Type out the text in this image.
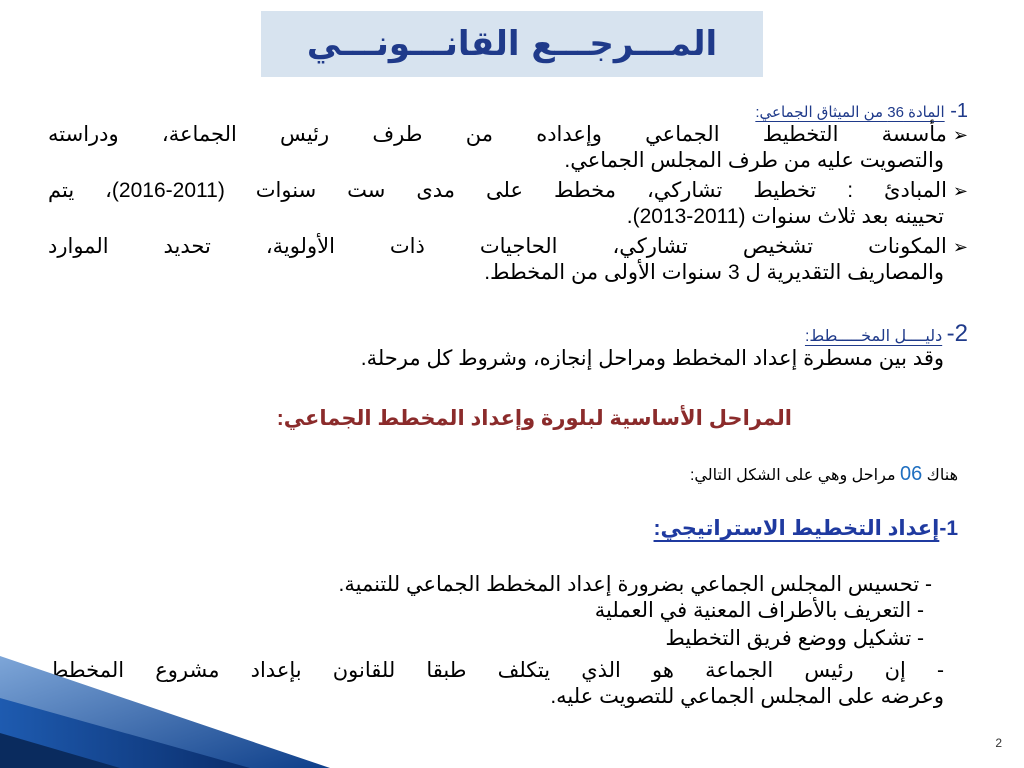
المـــرجـــع القانـــونـــي
1- المادة 36 من الميثاق الجماعي:
➢مأسسة التخطيط الجماعي وإعداده من طرف رئيس الجماعة، ودراسته
والتصويت عليه من طرف المجلس الجماعي.
➢المبادئ : تخطيط تشاركي، مخطط على مدى ست سنوات (2011-2016)، يتم
تحيينه بعد ثلاث سنوات (2011-2013).
➢المكونات تشخيص تشاركي، الحاجيات ذات الأولوية، تحديد الموارد
والمصاريف التقديرية ل 3 سنوات الأولى من المخطط.
2- دليــــل المخـــــطط:
وقد بين مسطرة إعداد المخطط ومراحل إنجازه، وشروط كل مرحلة.
المراحل الأساسية لبلورة وإعداد المخطط الجماعي:
هناك 06 مراحل وهي على الشكل التالي:
1-إعداد التخطيط الاستراتيجي:
- تحسيس المجلس الجماعي بضرورة إعداد المخطط الجماعي للتنمية.
- التعريف بالأطراف المعنية في العملية
- تشكيل ووضع فريق التخطيط
- إن رئيس الجماعة هو الذي يتكلف طبقا للقانون بإعداد مشروع المخطط
وعرضه على المجلس الجماعي للتصويت عليه.
2
